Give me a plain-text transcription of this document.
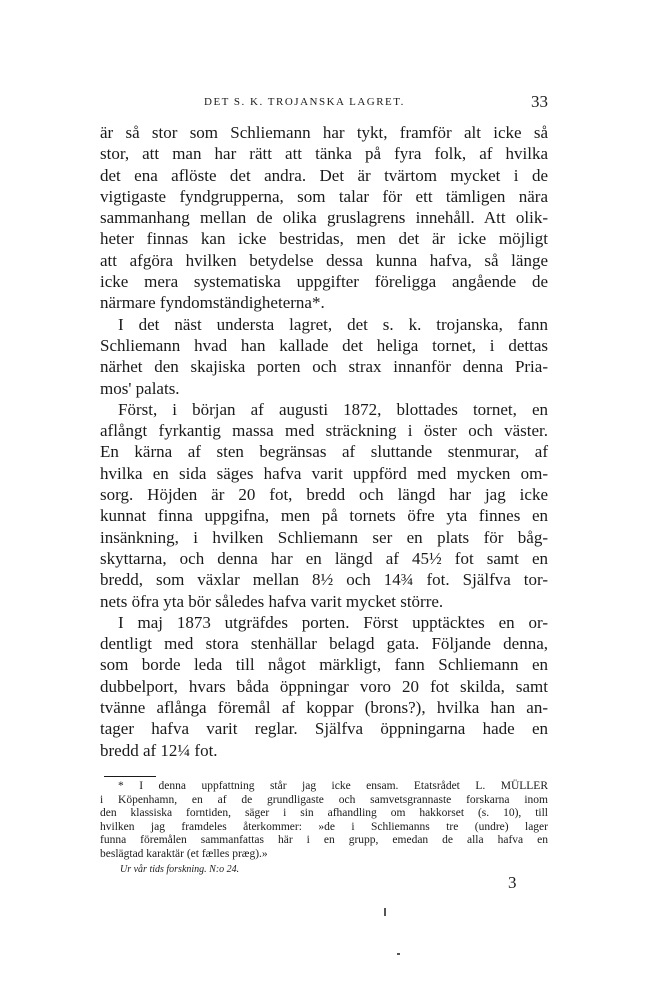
DET S. K. TROJANSKA LAGRET.	33
är så stor som Schliemann har tykt, framför alt icke så
stor, att man har rätt att tänka på fyra folk, af hvilka
det ena aflöste det andra. Det är tvärtom mycket i de
vigtigaste fyndgrupperna, som talar för ett tämligen nära
sammanhang mellan de olika gruslagrens innehåll. Att olik-
heter finnas kan icke bestridas, men det är icke möjligt
att afgöra hvilken betydelse dessa kunna hafva, så länge
icke mera systematiska uppgifter föreligga angående de
närmare fyndomständigheterna*.
I det näst understa lagret, det s. k. trojanska, fann
Schliemann hvad han kallade det heliga tornet, i dettas
närhet den skajiska porten och strax innanför denna Pria-
mos' palats.
Först, i början af augusti 1872, blottades tornet, en
aflångt fyrkantig massa med sträckning i öster och väster.
En kärna af sten begränsas af sluttande stenmurar, af
hvilka en sida säges hafva varit uppförd med mycken om-
sorg. Höjden är 20 fot, bredd och längd har jag icke
kunnat finna uppgifna, men på tornets öfre yta finnes en
insänkning, i hvilken Schliemann ser en plats för båg-
skyttarna, och denna har en längd af 45½ fot samt en
bredd, som växlar mellan 8½ och 14¾ fot. Själfva tor-
nets öfra yta bör således hafva varit mycket större.
I maj 1873 utgräfdes porten. Först upptäcktes en or-
dentligt med stora stenhällar belagd gata. Följande denna,
som borde leda till något märkligt, fann Schliemann en
dubbelport, hvars båda öppningar voro 20 fot skilda, samt
tvänne aflånga föremål af koppar (brons?), hvilka han an-
tager hafva varit reglar. Själfva öppningarna hade en
bredd af 12¼ fot.
* I denna uppfattning står jag icke ensam. Etatsrådet L. MÜLLER
i Köpenhamn, en af de grundligaste och samvetsgrannaste forskarna inom
den klassiska forntiden, säger i sin afhandling om hakkorset (s. 10), till
hvilken jag framdeles återkommer: »de i Schliemanns tre (undre) lager
funna föremålen sammanfattas här i en grupp, emedan de alla hafva en
beslägtad karaktär (et fælles præg).»
Ur vår tids forskning. N:o 24.
3
